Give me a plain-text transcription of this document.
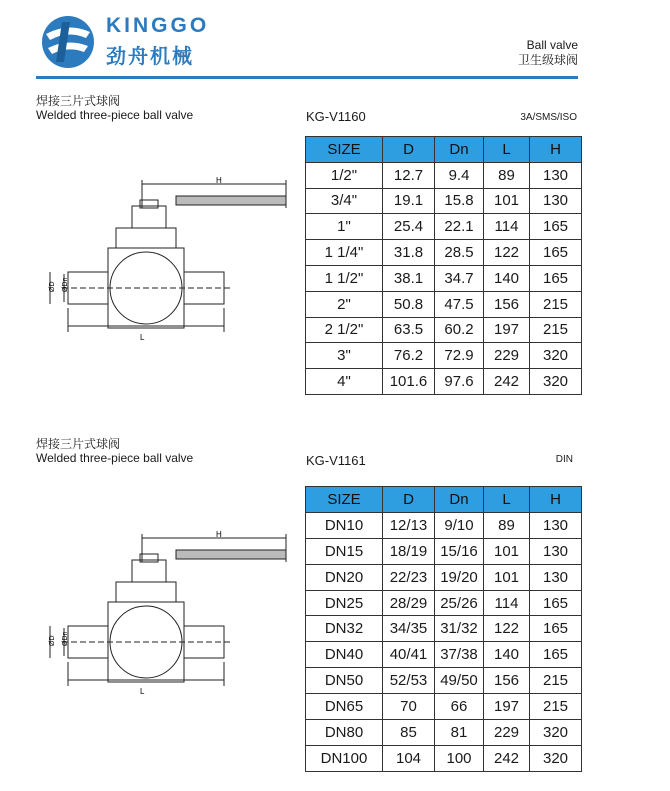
KINGGO
劲舟机械
Ball valve
卫生级球阀
焊接三片式球阀
Welded three-piece ball valve	KG-V1160	3A/SMS/ISO
H
L
ØD ØDn
SIZE	D	Dn	L	H
1/2"	12.7	9.4	89	130
3/4"	19.1	15.8	101	130
1"	25.4	22.1	114	165
1 1/4"	31.8	28.5	122	165
1 1/2"	38.1	34.7	140	165
2"	50.8	47.5	156	215
2 1/2"	63.5	60.2	197	215
3"	76.2	72.9	229	320
4"	101.6	97.6	242	320
焊接三片式球阀
Welded three-piece ball valve	KG-V1161	DIN
H
L
ØD ØDn
SIZE	D	Dn	L	H
DN10	12/13	9/10	89	130
DN15	18/19	15/16	101	130
DN20	22/23	19/20	101	130
DN25	28/29	25/26	114	165
DN32	34/35	31/32	122	165
DN40	40/41	37/38	140	165
DN50	52/53	49/50	156	215
DN65	70	66	197	215
DN80	85	81	229	320
DN100	104	100	242	320
